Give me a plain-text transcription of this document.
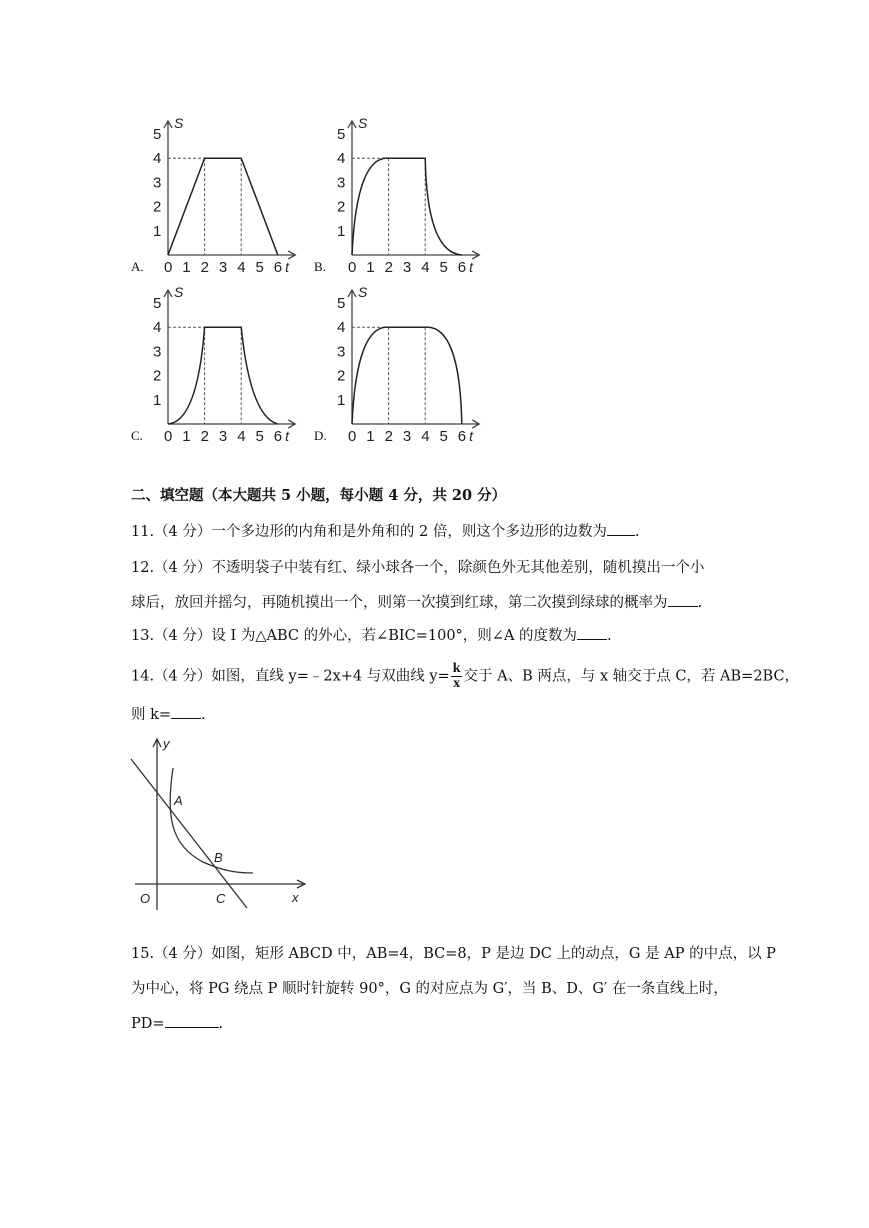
1
2
3
4
5
0 1 2 3 4 5 6
S
t
1
2
3
4
5
0 1 2 3 4 5 6
S
t
1
2
3
4
5
0 1 2 3 4 5 6
S
t
1
2
3
4
5
0 1 2 3 4 5 6
S
t
A.	B.
C.	D.
二、填空题（本大题共 5 小题，每小题 4 分，共 20 分）
11.（4 分）一个多边形的内角和是外角和的 2 倍，则这个多边形的边数为 .
12.（4 分）不透明袋子中装有红、绿小球各一个，除颜色外无其他差别，随机摸出一个小
球后，放回并摇匀，再随机摸出一个，则第一次摸到红球，第二次摸到绿球的概率为 .
13.（4 分）设 I 为△ABC 的外心，若∠BIC=100°，则∠A 的度数为 .
14.（4 分）如图，直线 y=﹣2x+4 与双曲线 $y= \frac{k}{x}$ 交于 A、B 两点，与 x 轴交于点 C，若 AB=2BC，
则 k= .
y
x
O
A
B
C
15.（4 分）如图，矩形 ABCD 中，AB=4，BC=8，P 是边 DC 上的动点，G 是 AP 的中点，以 P
为中心，将 PG 绕点 P 顺时针旋转 90°，G 的对应点为 G′，当 B、D、G′ 在一条直线上时，
PD=	.
